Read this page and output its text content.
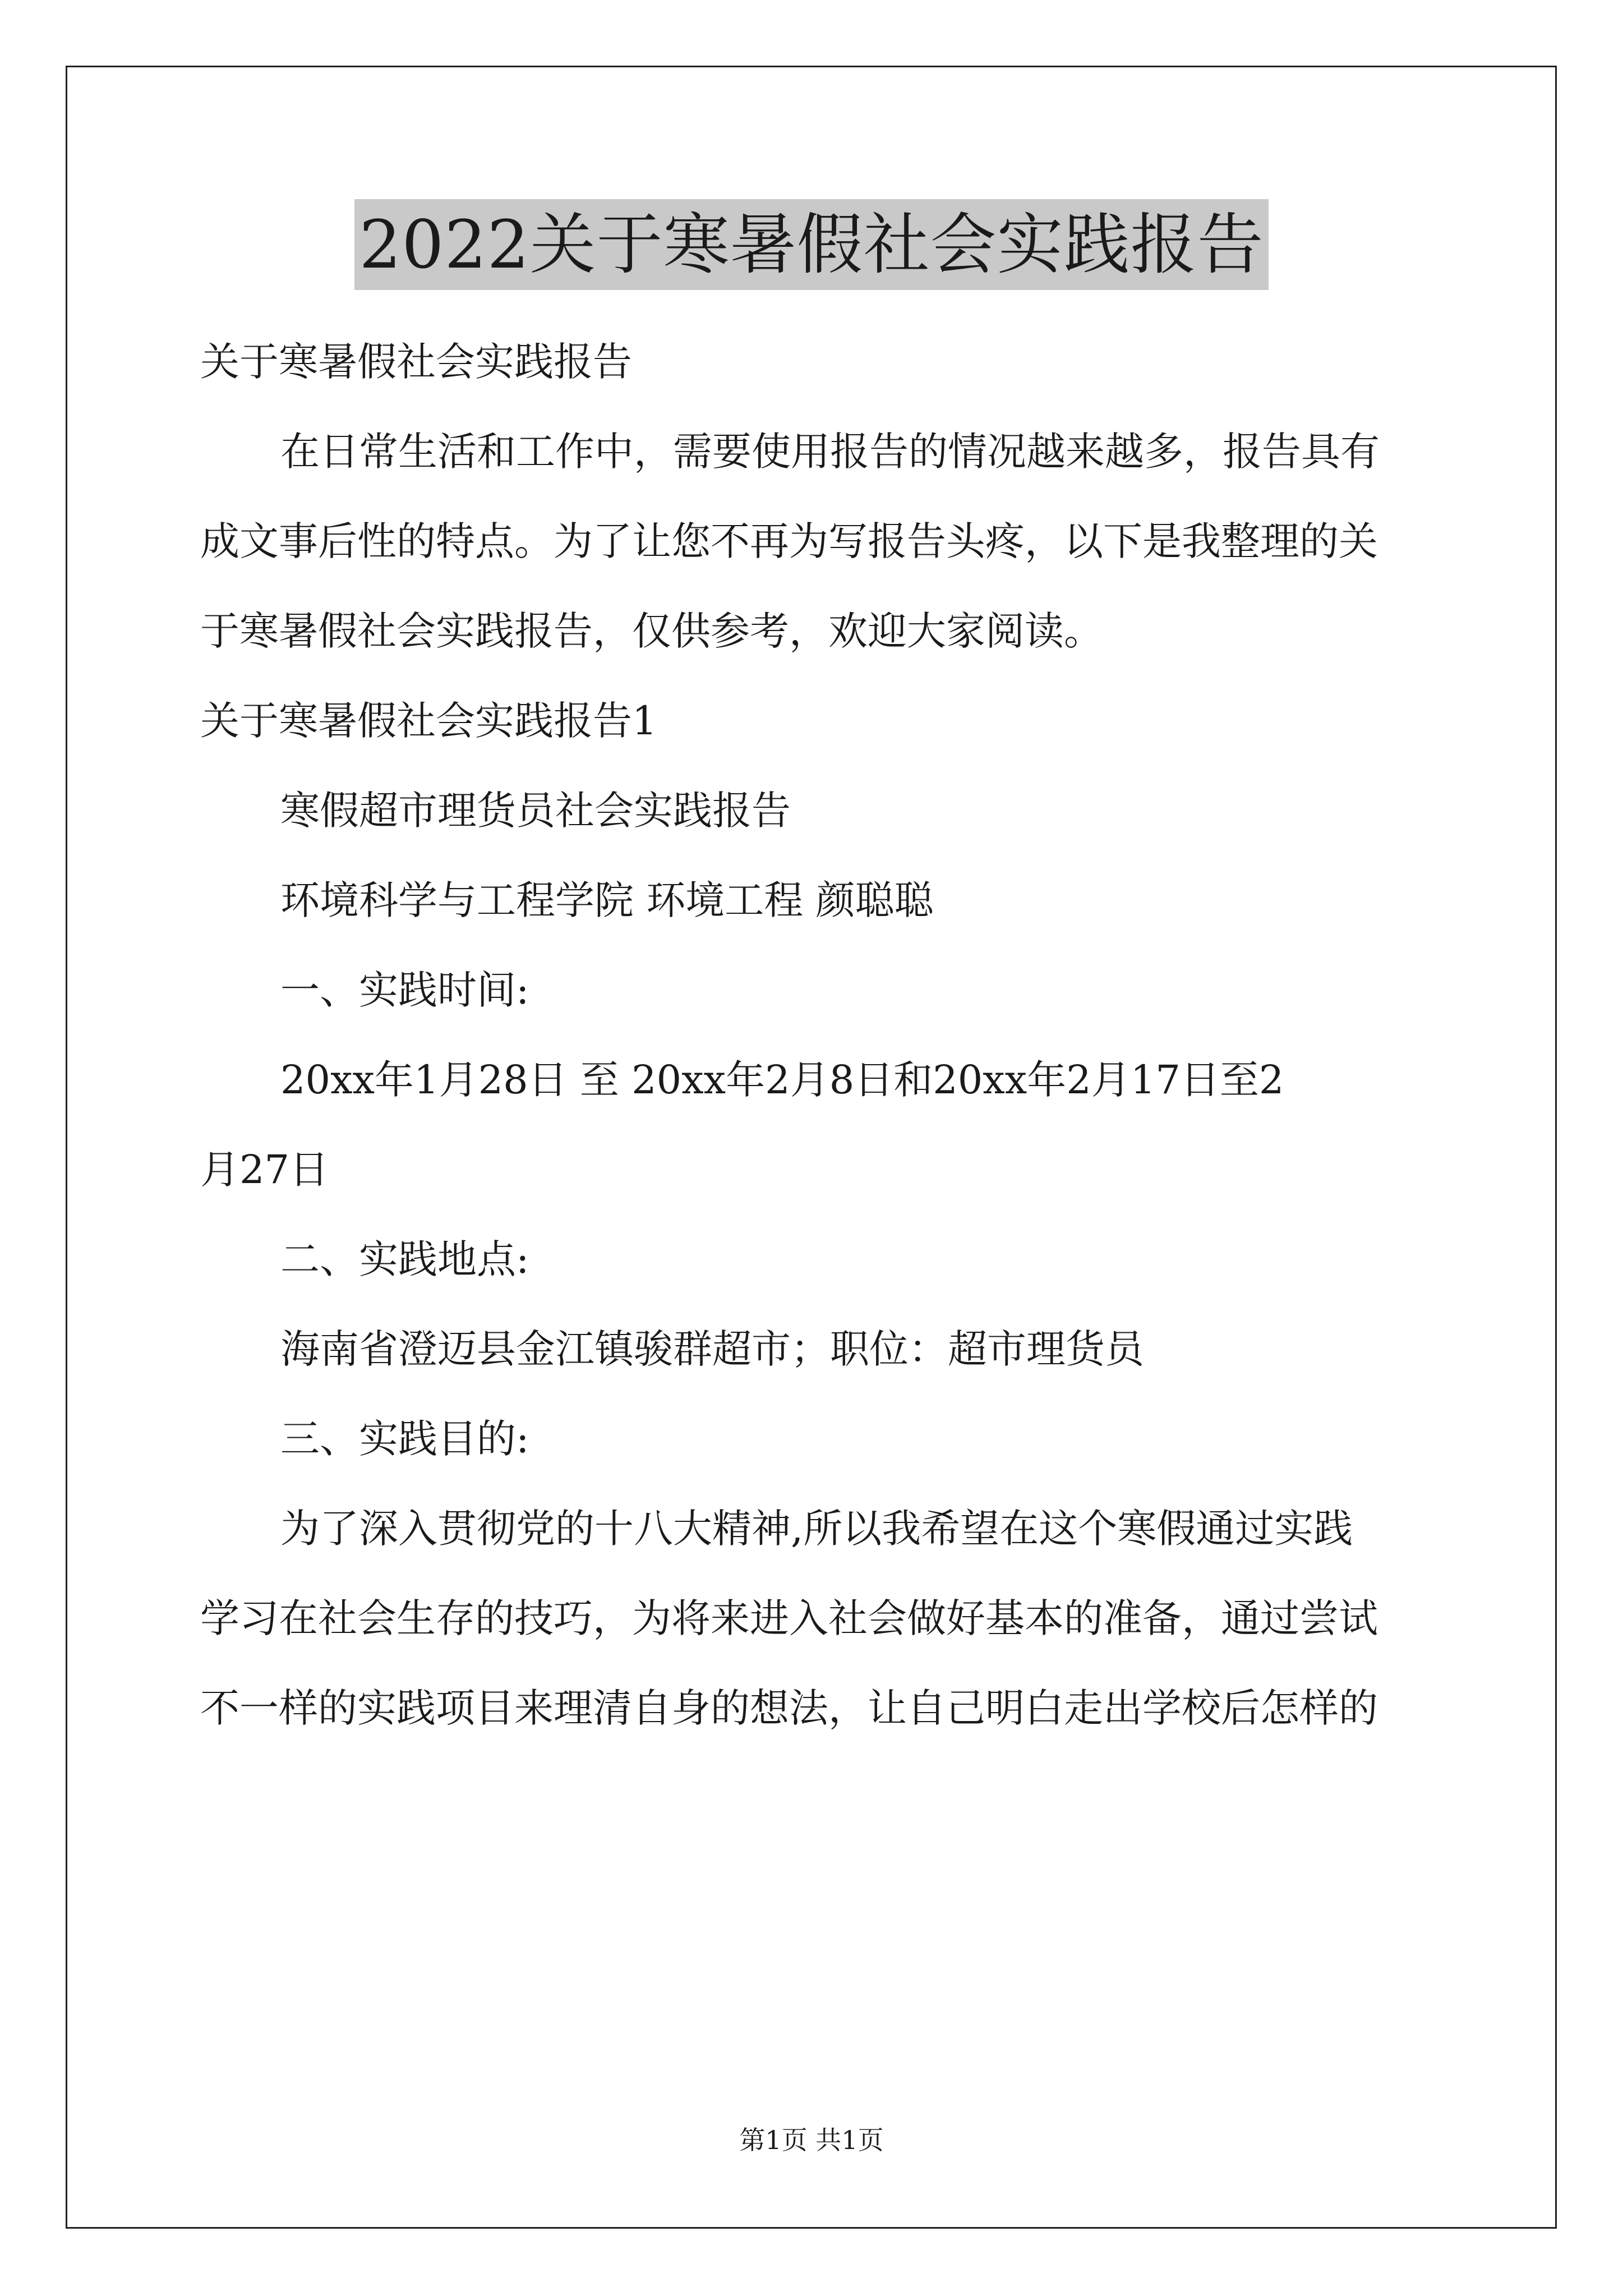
2022关于寒暑假社会实践报告

关于寒暑假社会实践报告

在日常生活和工作中，需要使用报告的情况越来越多，报告具有

成文事后性的特点。为了让您不再为写报告头疼，以下是我整理的关

于寒暑假社会实践报告，仅供参考，欢迎大家阅读。

关于寒暑假社会实践报告1

寒假超市理货员社会实践报告

环境科学与工程学院 环境工程 颜聪聪

一、实践时间:

20xx年1月28日 至 20xx年2月8日和20xx年2月17日至2

月27日

二、实践地点:

海南省澄迈县金江镇骏群超市；职位：超市理货员

三、实践目的:

为了深入贯彻党的十八大精神,所以我希望在这个寒假通过实践

学习在社会生存的技巧，为将来进入社会做好基本的准备，通过尝试

不一样的实践项目来理清自身的想法，让自己明白走出学校后怎样的

第1页 共1页
